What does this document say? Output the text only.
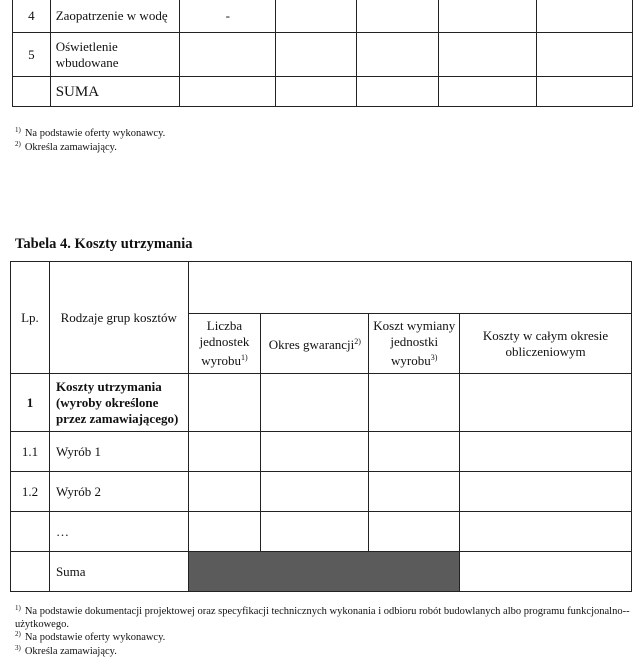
4	Zaopatrzenie w wodę	-				
5	Oświetlenie wbudowane					
	SUMA					
$^{1)}$ Na podstawie oferty wykonawcy.
$^{2)}$ Określa zamawiający.
Tabela 4. Koszty utrzymania
Lp.	Rodzaje grup kosztów				
		Liczba jednostek wyrobu$^{1)}$	Okres gwarancji$^{2)}$	Koszt wymiany jednostki wyrobu$^{3)}$	Koszty w całym okresie obliczeniowym
1	Koszty utrzymania (wyroby określone przez zamawiającego)				
1.1	Wyrób 1				
1.2	Wyrób 2				
	…				
	Suma				
$^{1)}$ Na podstawie dokumentacji projektowej oraz specyfikacji technicznych wykonania i odbioru robót budowlanych albo programu funkcjonalno--użytkowego.
$^{2)}$ Na podstawie oferty wykonawcy.
$^{3)}$ Określa zamawiający.
